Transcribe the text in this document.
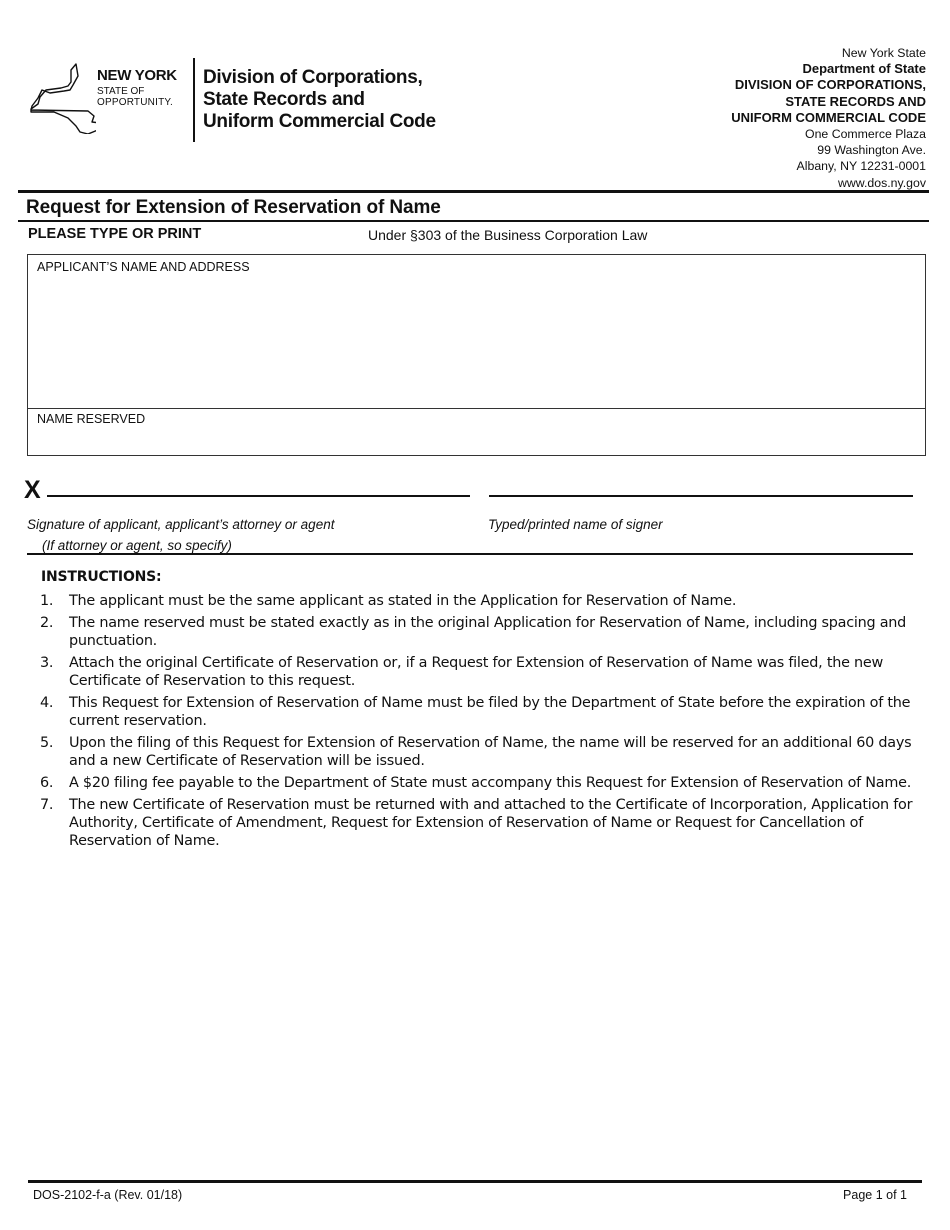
NEW YORK
STATE OF
OPPORTUNITY.
Division of Corporations,
State Records and
Uniform Commercial Code
New York State
Department of State
DIVISION OF CORPORATIONS,
STATE RECORDS AND
UNIFORM COMMERCIAL CODE
One Commerce Plaza
99 Washington Ave.
Albany, NY 12231-0001
www.dos.ny.gov
Request for Extension of Reservation of Name
PLEASE TYPE OR PRINT	Under §303 of the Business Corporation Law
APPLICANT’S NAME AND ADDRESS
NAME RESERVED
X
Signature of applicant, applicant’s attorney or agent
(If attorney or agent, so specify)
Typed/printed name of signer
INSTRUCTIONS:
1. The applicant must be the same applicant as stated in the Application for Reservation of Name.
2. The name reserved must be stated exactly as in the original Application for Reservation of Name, including spacing and punctuation.
3. Attach the original Certificate of Reservation or, if a Request for Extension of Reservation of Name was filed, the new Certificate of Reservation to this request.
4. This Request for Extension of Reservation of Name must be filed by the Department of State before the expiration of the current reservation.
5. Upon the filing of this Request for Extension of Reservation of Name, the name will be reserved for an additional 60 days and a new Certificate of Reservation will be issued.
6. A $20 filing fee payable to the Department of State must accompany this Request for Extension of Reservation of Name.
7. The new Certificate of Reservation must be returned with and attached to the Certificate of Incorporation, Application for Authority, Certificate of Amendment, Request for Extension of Reservation of Name or Request for Cancellation of Reservation of Name.
DOS-2102-f-a (Rev. 01/18)	Page 1 of 1
